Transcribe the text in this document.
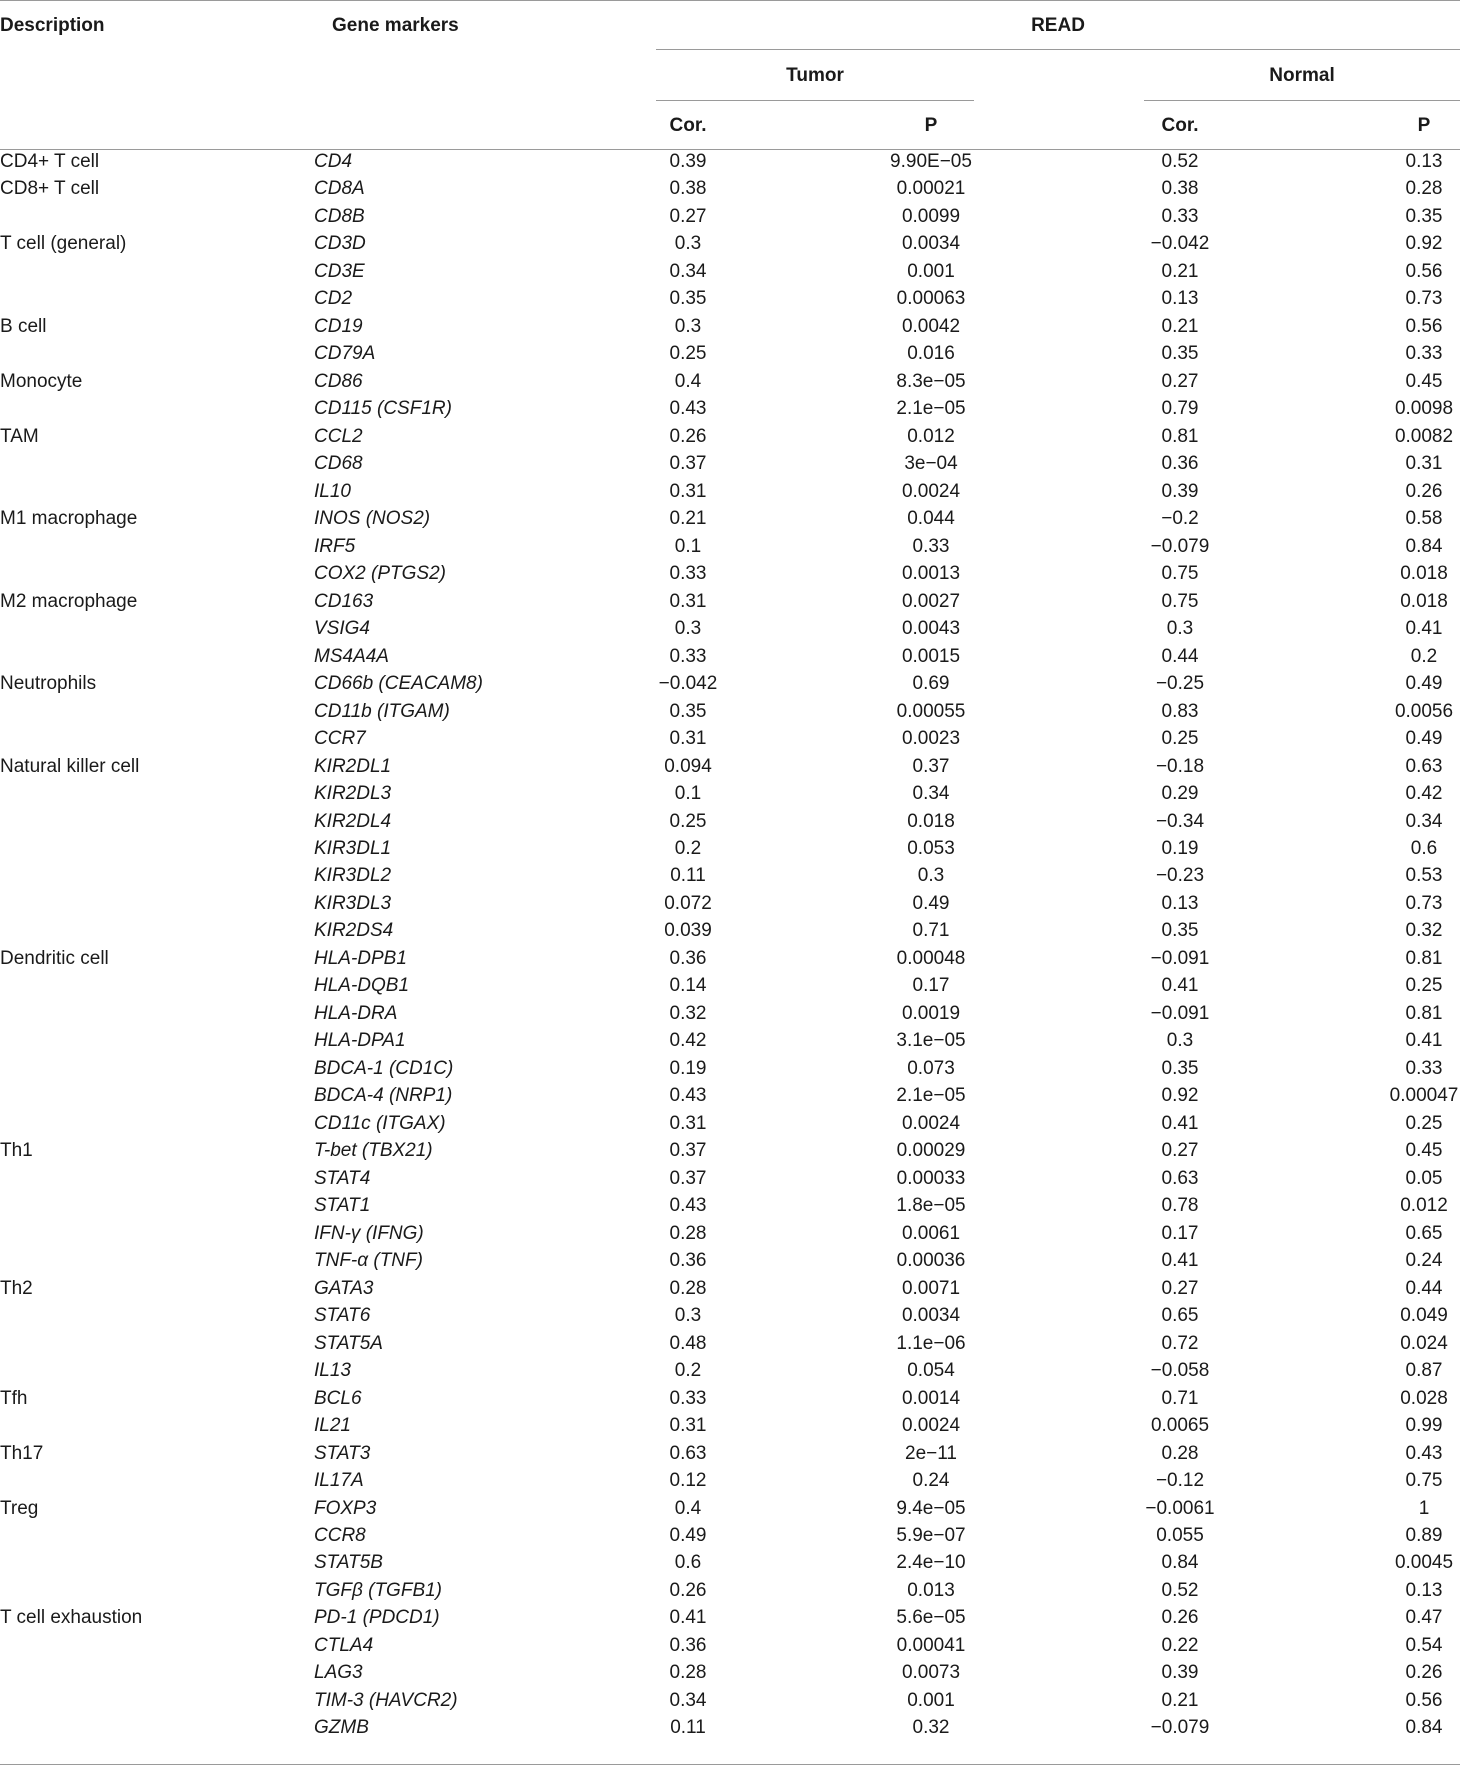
Description	Gene markers	READ
Tumor	Normal
Cor.	P	Cor.	P
CD4+ T cell	CD4	0.39	9.90E−05	0.52	0.13
CD8+ T cell	CD8A	0.38	0.00021	0.38	0.28
CD8B	0.27	0.0099	0.33	0.35
T cell (general)	CD3D	0.3	0.0034	−0.042	0.92
CD3E	0.34	0.001	0.21	0.56
CD2	0.35	0.00063	0.13	0.73
B cell	CD19	0.3	0.0042	0.21	0.56
CD79A	0.25	0.016	0.35	0.33
Monocyte	CD86	0.4	8.3e−05	0.27	0.45
CD115 (CSF1R)	0.43	2.1e−05	0.79	0.0098
TAM	CCL2	0.26	0.012	0.81	0.0082
CD68	0.37	3e−04	0.36	0.31
IL10	0.31	0.0024	0.39	0.26
M1 macrophage	INOS (NOS2)	0.21	0.044	−0.2	0.58
IRF5	0.1	0.33	−0.079	0.84
COX2 (PTGS2)	0.33	0.0013	0.75	0.018
M2 macrophage	CD163	0.31	0.0027	0.75	0.018
VSIG4	0.3	0.0043	0.3	0.41
MS4A4A	0.33	0.0015	0.44	0.2
Neutrophils	CD66b (CEACAM8)	−0.042	0.69	−0.25	0.49
CD11b (ITGAM)	0.35	0.00055	0.83	0.0056
CCR7	0.31	0.0023	0.25	0.49
Natural killer cell	KIR2DL1	0.094	0.37	−0.18	0.63
KIR2DL3	0.1	0.34	0.29	0.42
KIR2DL4	0.25	0.018	−0.34	0.34
KIR3DL1	0.2	0.053	0.19	0.6
KIR3DL2	0.11	0.3	−0.23	0.53
KIR3DL3	0.072	0.49	0.13	0.73
KIR2DS4	0.039	0.71	0.35	0.32
Dendritic cell	HLA-DPB1	0.36	0.00048	−0.091	0.81
HLA-DQB1	0.14	0.17	0.41	0.25
HLA-DRA	0.32	0.0019	−0.091	0.81
HLA-DPA1	0.42	3.1e−05	0.3	0.41
BDCA-1 (CD1C)	0.19	0.073	0.35	0.33
BDCA-4 (NRP1)	0.43	2.1e−05	0.92	0.00047
CD11c (ITGAX)	0.31	0.0024	0.41	0.25
Th1	T-bet (TBX21)	0.37	0.00029	0.27	0.45
STAT4	0.37	0.00033	0.63	0.05
STAT1	0.43	1.8e−05	0.78	0.012
IFN-γ (IFNG)	0.28	0.0061	0.17	0.65
TNF-α (TNF)	0.36	0.00036	0.41	0.24
Th2	GATA3	0.28	0.0071	0.27	0.44
STAT6	0.3	0.0034	0.65	0.049
STAT5A	0.48	1.1e−06	0.72	0.024
IL13	0.2	0.054	−0.058	0.87
Tfh	BCL6	0.33	0.0014	0.71	0.028
IL21	0.31	0.0024	0.0065	0.99
Th17	STAT3	0.63	2e−11	0.28	0.43
IL17A	0.12	0.24	−0.12	0.75
Treg	FOXP3	0.4	9.4e−05	−0.0061	1
CCR8	0.49	5.9e−07	0.055	0.89
STAT5B	0.6	2.4e−10	0.84	0.0045
TGFβ (TGFB1)	0.26	0.013	0.52	0.13
T cell exhaustion	PD-1 (PDCD1)	0.41	5.6e−05	0.26	0.47
CTLA4	0.36	0.00041	0.22	0.54
LAG3	0.28	0.0073	0.39	0.26
TIM-3 (HAVCR2)	0.34	0.001	0.21	0.56
GZMB	0.11	0.32	−0.079	0.84
